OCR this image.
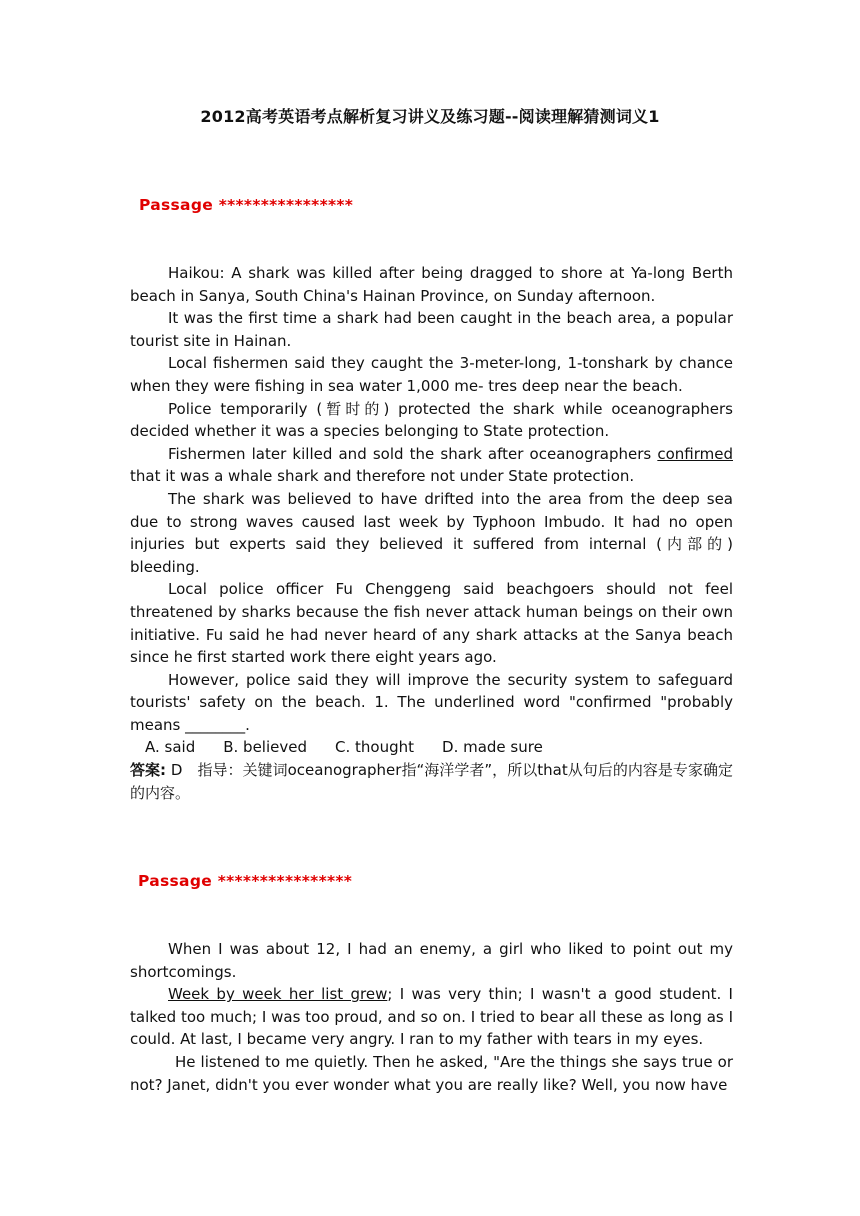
2012高考英语考点解析复习讲义及练习题--阅读理解猜测词义1
Passage ****************

Haikou: A shark was killed after being dragged to shore at Ya-long Berth beach in Sanya, South China's Hainan Province, on Sunday afternoon.

It was the first time a shark had been caught in the beach area, a popular tourist site in Hainan.

Local fishermen said they caught the 3-meter-long, 1-tonshark by chance when they were fishing in sea water 1,000 me- tres deep near the beach.

Police temporarily (暂时的) protected the shark while oceanographers decided whether it was a species belonging to State protection.

Fishermen later killed and sold the shark after oceanographers confirmed that it was a whale shark and therefore not under State protection.

The shark was believed to have drifted into the area from the deep sea due to strong waves caused last week by Typhoon Imbudo. It had no open injuries but experts said they believed it suffered from internal (内部的) bleeding.

Local police officer Fu Chenggeng said beachgoers should not feel threatened by sharks because the fish never attack human beings on their own initiative. Fu said he had never heard of any shark attacks at the Sanya beach since he first started work there eight years ago.

However, police said they will improve the security system to safeguard tourists' safety on the beach. 1. The underlined word "confirmed "probably means ________.

A. said B. believed C. thought D. made sure

答案: D　指导：关键词oceanographer指“海洋学者”，所以that从句后的内容是专家确定的内容。

Passage ****************

When I was about 12, I had an enemy, a girl who liked to point out my shortcomings.

Week by week her list grew; I was very thin; I wasn't a good student. I talked too much; I was too proud, and so on. I tried to bear all these as long as I could. At last, I became very angry. I ran to my father with tears in my eyes.

He listened to me quietly. Then he asked, "Are the things she says true or not? Janet, didn't you ever wonder what you are really like? Well, you now have
